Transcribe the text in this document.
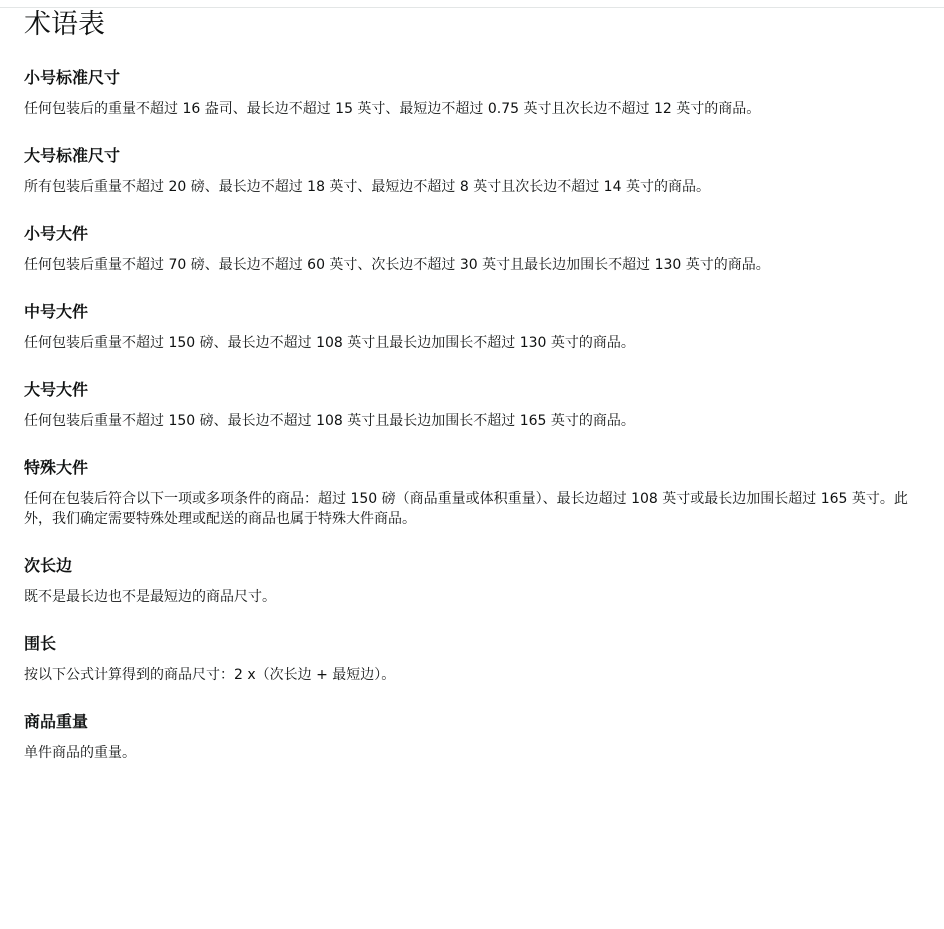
术语表
小号标准尺寸

任何包装后的重量不超过 16 盎司、最长边不超过 15 英寸、最短边不超过 0.75 英寸且次长边不超过 12 英寸的商品。

大号标准尺寸

所有包装后重量不超过 20 磅、最长边不超过 18 英寸、最短边不超过 8 英寸且次长边不超过 14 英寸的商品。

小号大件

任何包装后重量不超过 70 磅、最长边不超过 60 英寸、次长边不超过 30 英寸且最长边加围长不超过 130 英寸的商品。

中号大件

任何包装后重量不超过 150 磅、最长边不超过 108 英寸且最长边加围长不超过 130 英寸的商品。

大号大件

任何包装后重量不超过 150 磅、最长边不超过 108 英寸且最长边加围长不超过 165 英寸的商品。

特殊大件

任何在包装后符合以下一项或多项条件的商品：超过 150 磅（商品重量或体积重量）、最长边超过 108 英寸或最长边加围长超过 165 英寸。此外，我们确定需要特殊处理或配送的商品也属于特殊大件商品。

次长边

既不是最长边也不是最短边的商品尺寸。

围长

按以下公式计算得到的商品尺寸：2 x（次长边 + 最短边）。

商品重量

单件商品的重量。
